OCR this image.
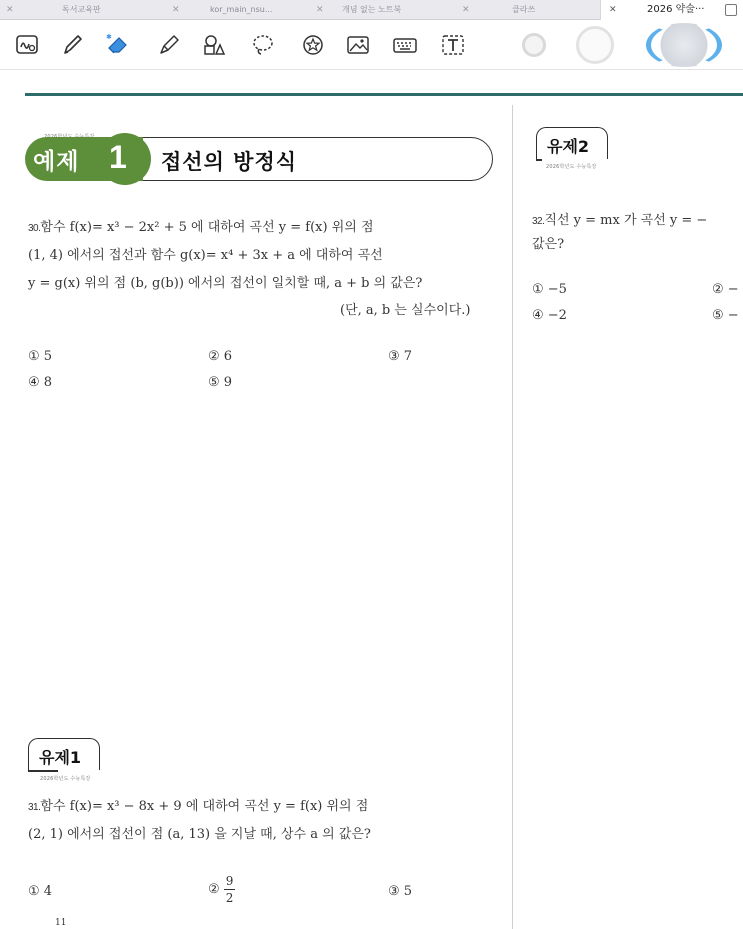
✕	독서교육판	✕	kor_main_nsu...	✕ 개념 없는 노트북	✕	클라쓰	✕	2026 약술···
✱
예제 1 접선의 방정식
30.함수 f(x)= x³ − 2x² + 5 에 대하여 곡선 y = f(x) 위의 점
(1, 4) 에서의 접선과 함수 g(x)= x⁴ + 3x + a 에 대하여 곡선
y = g(x) 위의 점 (b, g(b)) 에서의 접선이 일치할 때, a + b 의 값은?
(단, a, b 는 실수이다.)
① 5	② 6	③ 7
④ 8	⑤ 9
유제1
2026학년도 수능특강
31.함수 f(x)= x³ − 8x + 9 에 대하여 곡선 y = f(x) 위의 점
(2, 1) 에서의 접선이 점 (a, 13) 을 지날 때, 상수 a 의 값은?
① 4	② $\frac{9}{2}$	③ 5
11
유제2
2026학년도 수능특강
32.직선 y = mx 가 곡선 y = −
값은?
① −5	② −
④ −2	⑤ −
